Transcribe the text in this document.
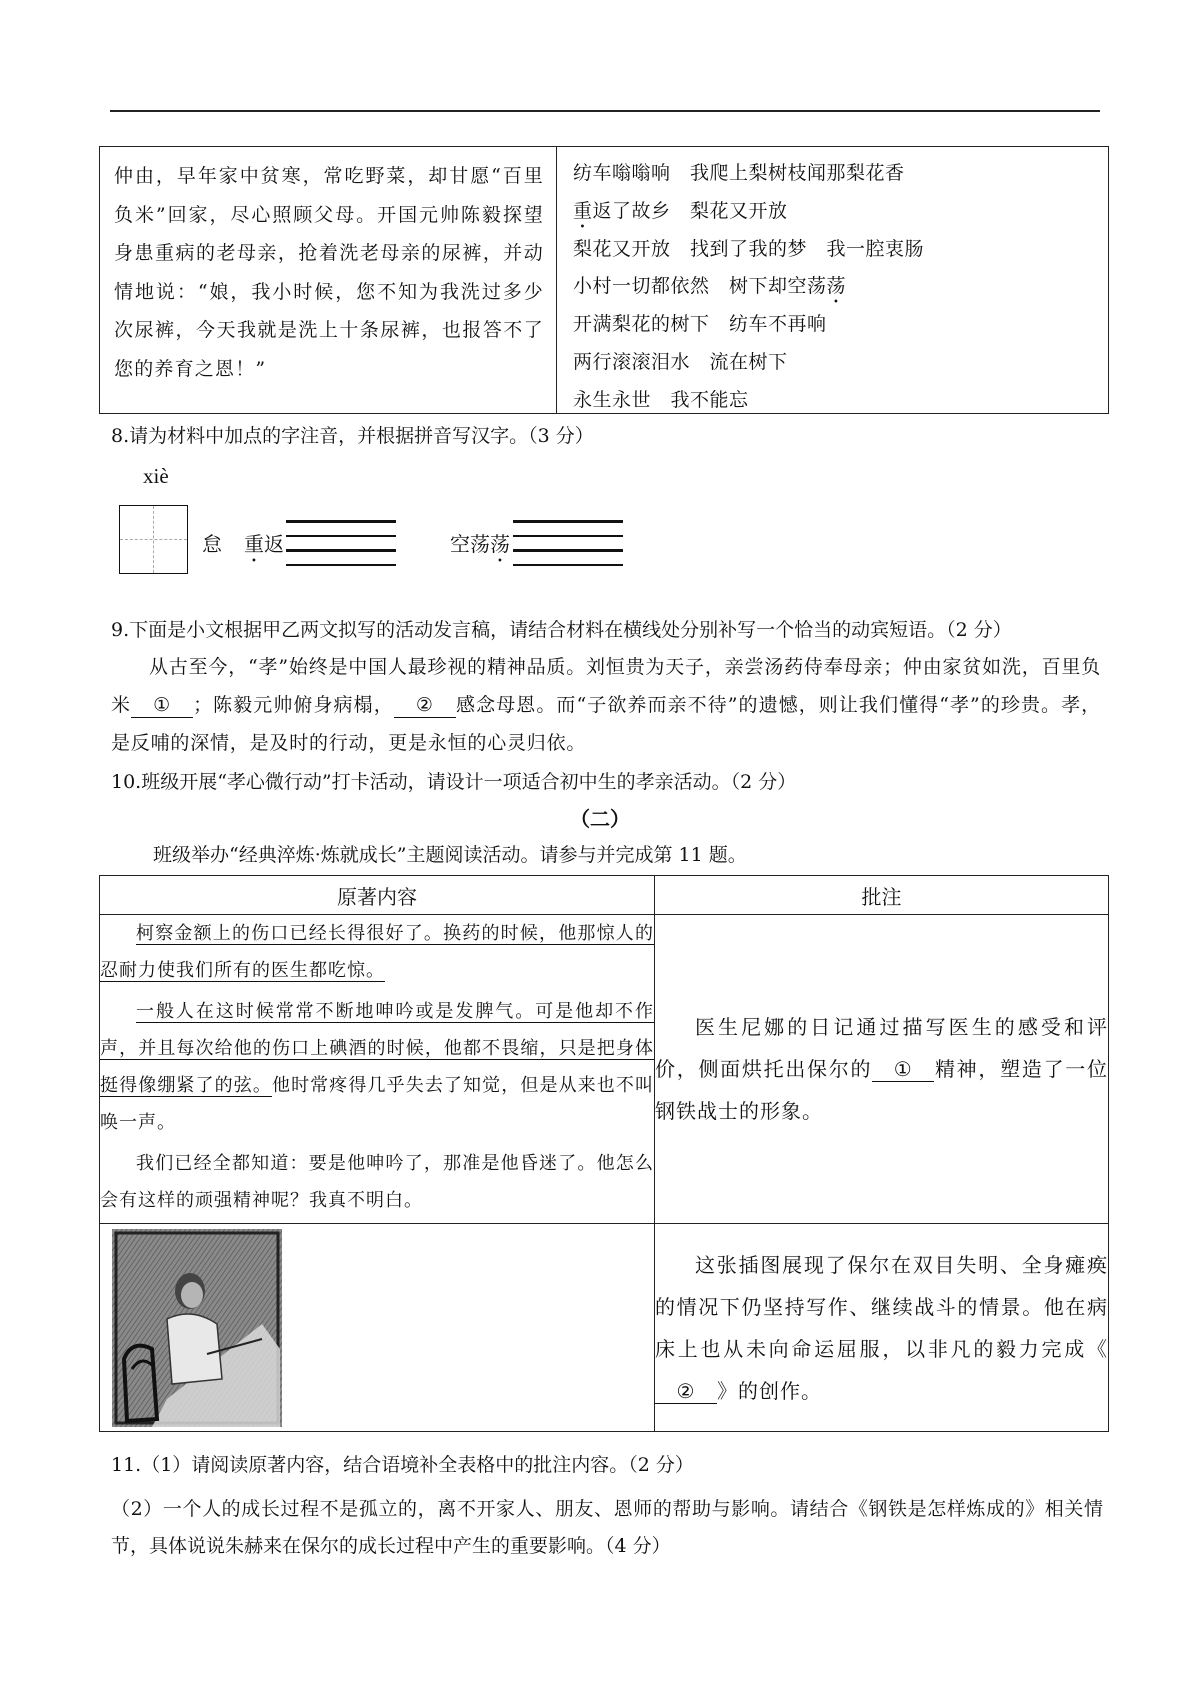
仲由，早年家中贫寒，常吃野菜，却甘愿“百里负米”回家，尽心照顾父母。开国元帅陈毅探望身患重病的老母亲，抢着洗老母亲的尿裤，并动情地说：“娘，我小时候，您不知为我洗过多少次尿裤，今天我就是洗上十条尿裤，也报答不了您的养育之恩！”
纺车嗡嗡响　我爬上梨树枝闻那梨花香
重返了故乡　梨花又开放
梨花又开放　找到了我的梦　我一腔衷肠
小村一切都依然　树下却空荡荡
开满梨花的树下　纺车不再响
两行滚滚泪水　流在树下
永生永世　我不能忘
8.请为材料中加点的字注音，并根据拼音写汉字。（3 分）
xiè
怠 重返	空荡荡
9.下面是小文根据甲乙两文拟写的活动发言稿，请结合材料在横线处分别补写一个恰当的动宾短语。（2 分）
从古至今，“孝”始终是中国人最珍视的精神品质。刘恒贵为天子，亲尝汤药侍奉母亲；仲由家贫如洗，百里负米 ① ；陈毅元帅俯身病榻， ② 感念母恩。而“子欲养而亲不待”的遗憾，则让我们懂得“孝”的珍贵。孝，是反哺的深情，是及时的行动，更是永恒的心灵归依。
10.班级开展“孝心微行动”打卡活动，请设计一项适合初中生的孝亲活动。（2 分）
（二）
班级举办“经典淬炼·炼就成长”主题阅读活动。请参与并完成第 11 题。
原著内容	批注

柯察金额上的伤口已经长得很好了。换药的时候，他那惊人的忍耐力使我们所有的医生都吃惊。

一般人在这时候常常不断地呻吟或是发脾气。可是他却不作声，并且每次给他的伤口上碘酒的时候，他都不畏缩，只是把身体挺得像绷紧了的弦。他时常疼得几乎失去了知觉，但是从来也不叫唤一声。

我们已经全都知道：要是他呻吟了，那准是他昏迷了。他怎么会有这样的顽强精神呢？我真不明白。	医生尼娜的日记通过描写医生的感受和评价，侧面烘托出保尔的 ① 精神，塑造了一位钢铁战士的形象。

	这张插图展现了保尔在双目失明、全身瘫痪的情况下仍坚持写作、继续战斗的情景。他在病床上也从未向命运屈服，以非凡的毅力完成《② 》的创作。
11.（1）请阅读原著内容，结合语境补全表格中的批注内容。（2 分）
（2）一个人的成长过程不是孤立的，离不开家人、朋友、恩师的帮助与影响。请结合《钢铁是怎样炼成的》相关情节，具体说说朱赫来在保尔的成长过程中产生的重要影响。（4 分）
